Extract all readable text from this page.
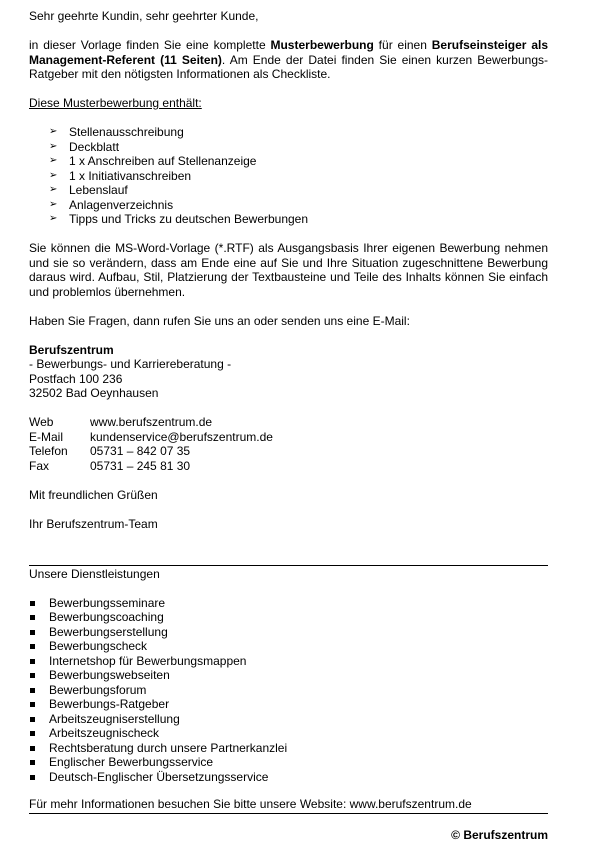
Sehr geehrte Kundin, sehr geehrter Kunde,

in dieser Vorlage finden Sie eine komplette Musterbewerbung für einen Berufseinsteiger als Management-Referent (11 Seiten). Am Ende der Datei finden Sie einen kurzen Bewerbungs-Ratgeber mit den nötigsten Informationen als Checkliste.

Diese Musterbewerbung enthält:

➢ Stellenausschreibung
➢ Deckblatt
➢ 1 x Anschreiben auf Stellenanzeige
➢ 1 x Initiativanschreiben
➢ Lebenslauf
➢ Anlagenverzeichnis
➢ Tipps und Tricks zu deutschen Bewerbungen

Sie können die MS-Word-Vorlage (*.RTF) als Ausgangsbasis Ihrer eigenen Bewerbung nehmen und sie so verändern, dass am Ende eine auf Sie und Ihre Situation zugeschnittene Bewerbung daraus wird. Aufbau, Stil, Platzierung der Textbausteine und Teile des Inhalts können Sie einfach und problemlos übernehmen.

Haben Sie Fragen, dann rufen Sie uns an oder senden uns eine E-Mail:

Berufszentrum

- Bewerbungs- und Karriereberatung -

Postfach 100 236

32502 Bad Oeynhausen

Web	www.berufszentrum.de
E-Mail	kundenservice@berufszentrum.de
Telefon	05731 – 842 07 35
Fax	05731 – 245 81 30

Mit freundlichen Grüßen

Ihr Berufszentrum-Team

Unsere Dienstleistungen

Bewerbungsseminare
Bewerbungscoaching
Bewerbungserstellung
Bewerbungscheck
Internetshop für Bewerbungsmappen
Bewerbungswebseiten
Bewerbungsforum
Bewerbungs-Ratgeber
Arbeitszeugniserstellung
Arbeitszeugnischeck
Rechtsberatung durch unsere Partnerkanzlei
Englischer Bewerbungsservice
Deutsch-Englischer Übersetzungsservice

Für mehr Informationen besuchen Sie bitte unsere Website: www.berufszentrum.de

© Berufszentrum
